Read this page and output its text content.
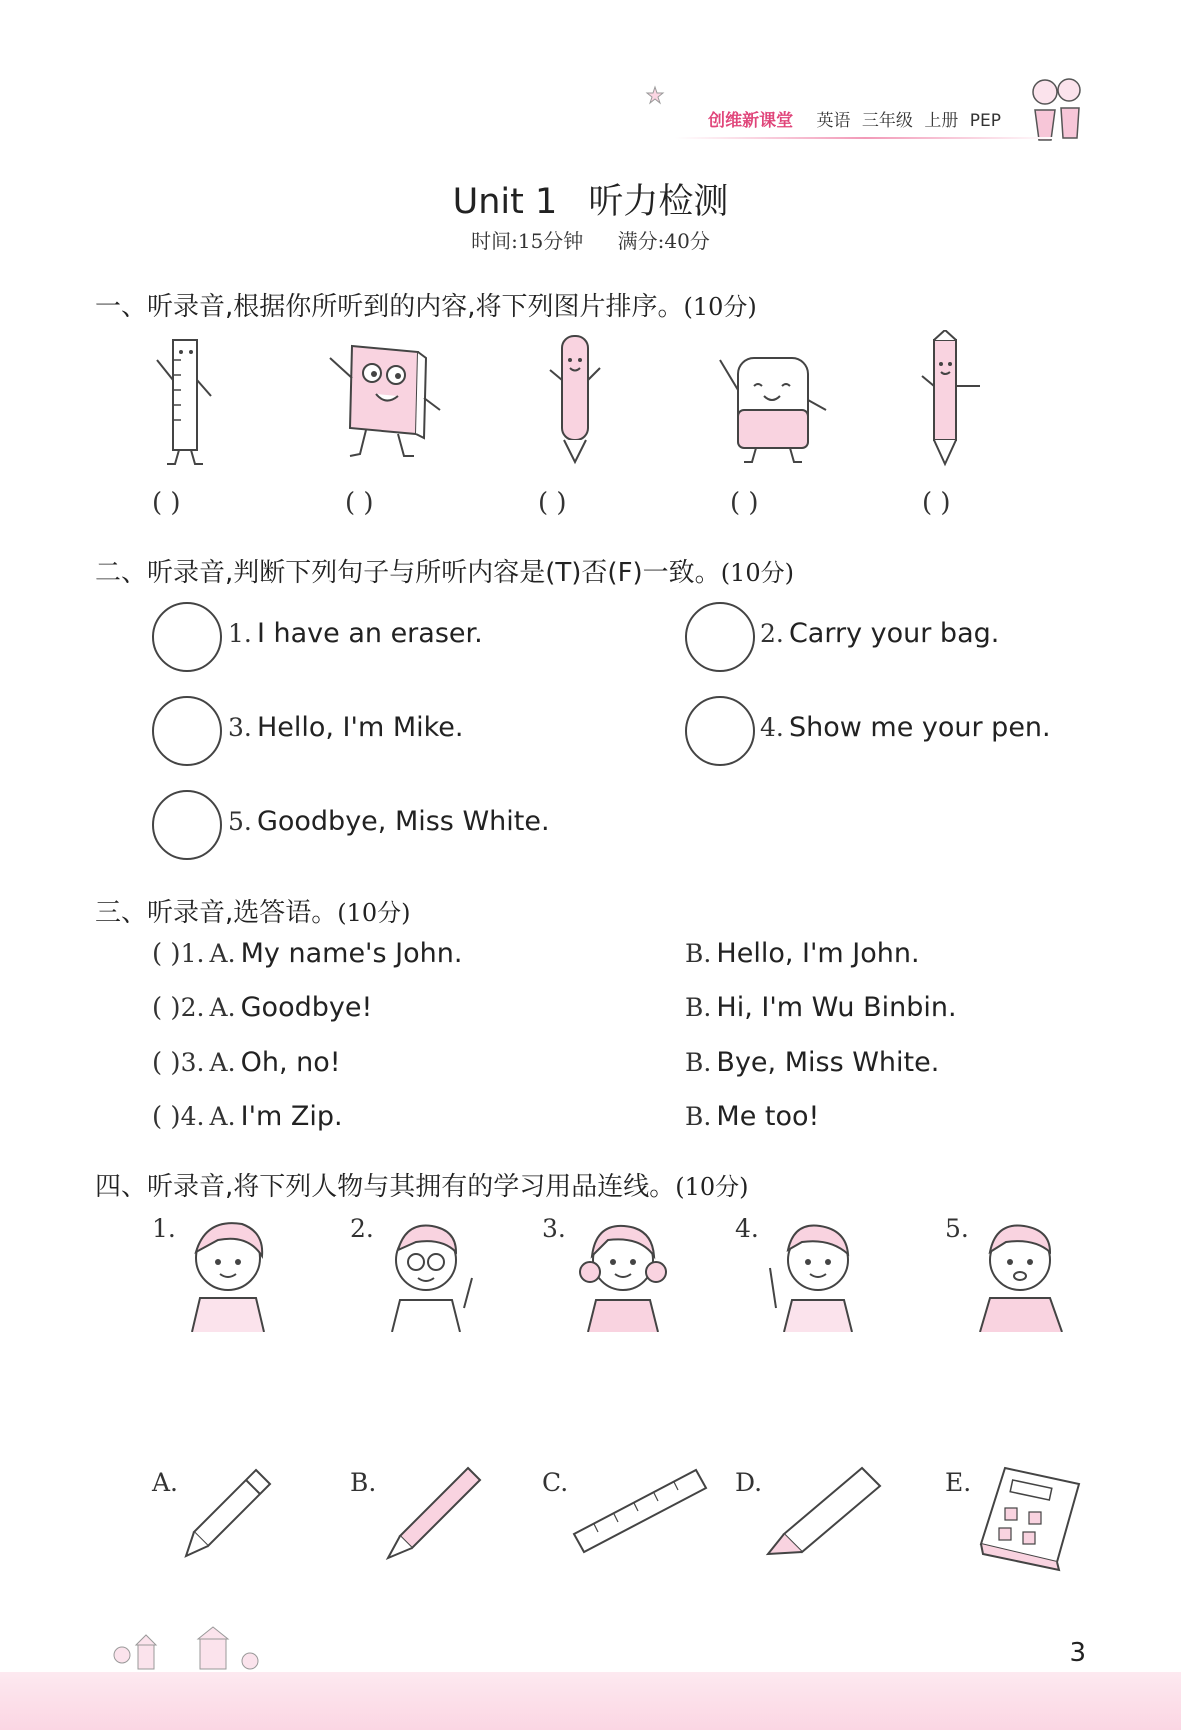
创维新课堂 英语 三年级 上册 PEP
Unit 1 听力检测
时间:15分钟 满分:40分
一、听录音,根据你所听到的内容,将下列图片排序。(10分)
( )	( )	( )	( )	( )
二、听录音,判断下列句子与所听内容是(T)否(F)一致。(10分)
1. I have an eraser.	2. Carry your bag.
3. Hello, I'm Mike.	4. Show me your pen.
5. Goodbye, Miss White.
三、听录音,选答语。(10分)
( )1. A. My name's John.	B. Hello, I'm John.
( )2. A. Goodbye!	B. Hi, I'm Wu Binbin.
( )3. A. Oh, no!	B. Bye, Miss White.
( )4. A. I'm Zip.	B. Me too!
四、听录音,将下列人物与其拥有的学习用品连线。(10分)
1.	2.	3.	4.	5.
A.	B.	C.	D.	E.
3
